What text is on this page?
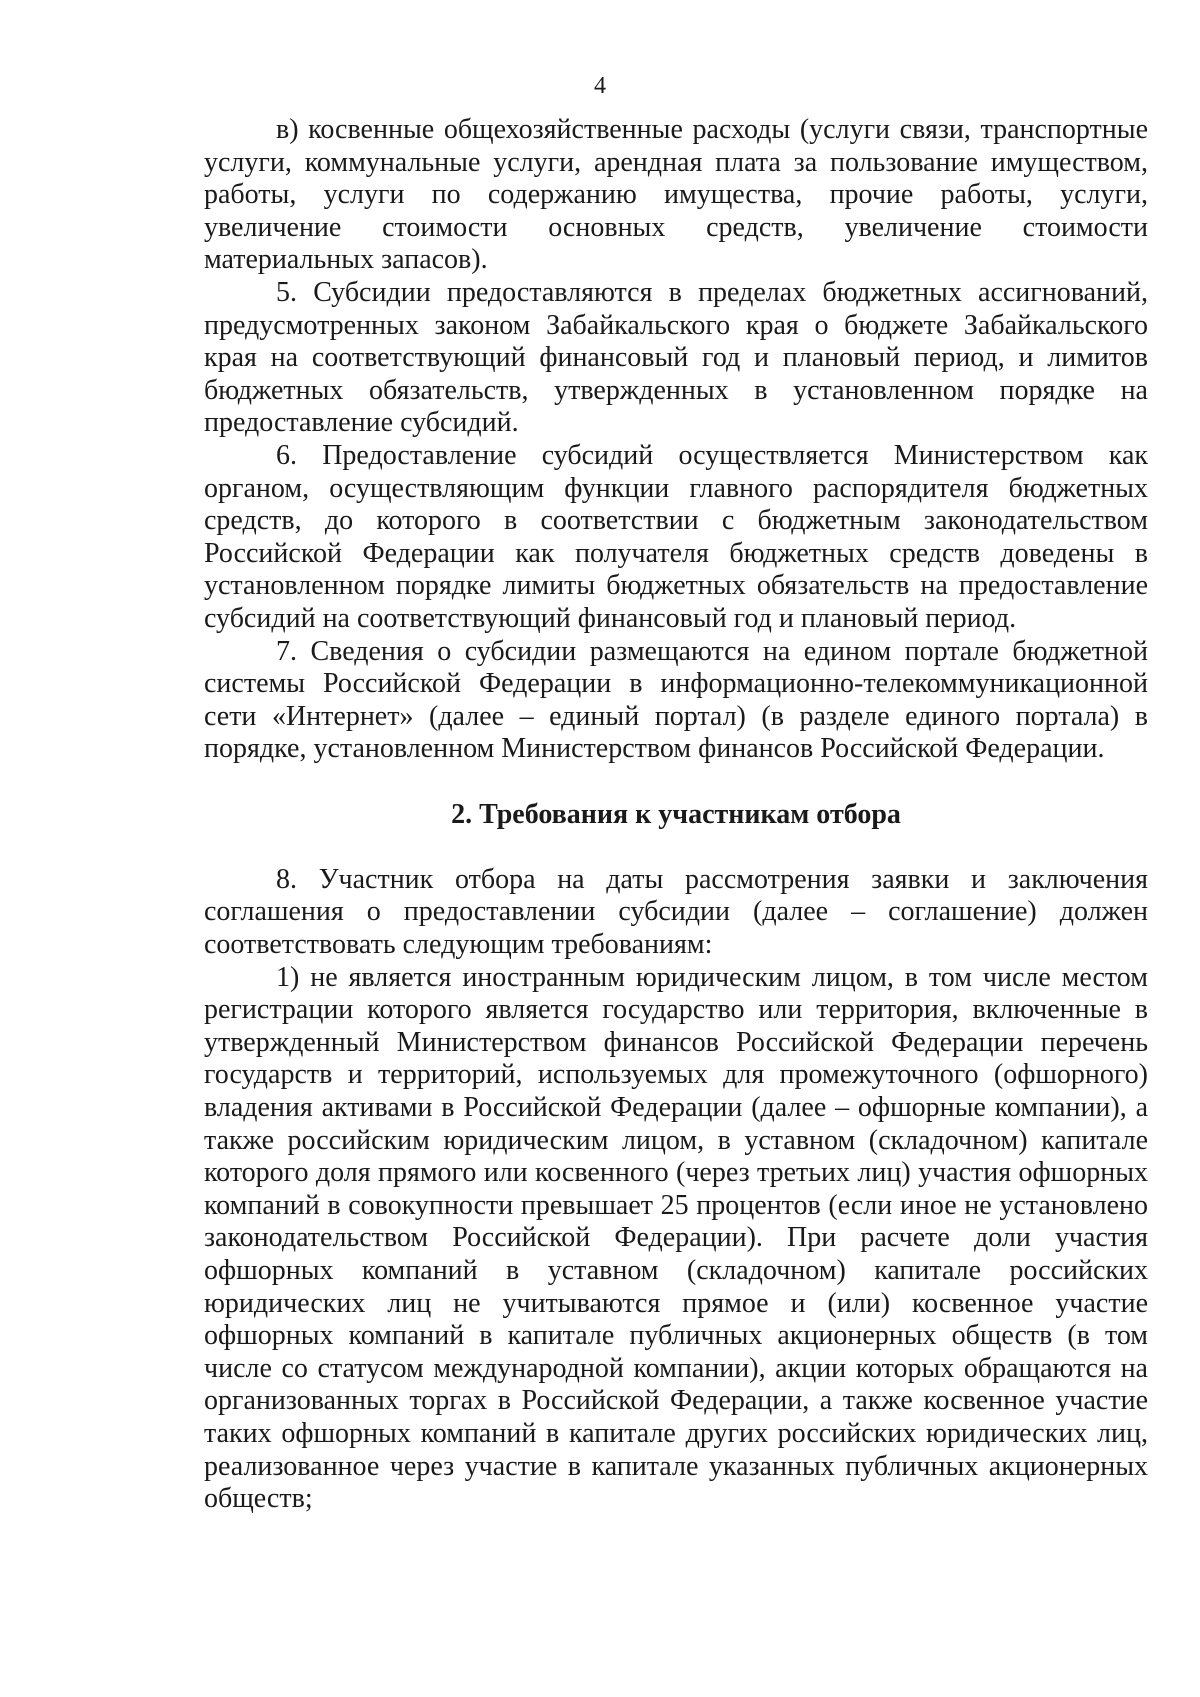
4

в) косвенные общехозяйственные расходы (услуги связи, транспортные услуги, коммунальные услуги, арендная плата за пользование имуществом, работы, услуги по содержанию имущества, прочие работы, услуги, увеличение стоимости основных средств, увеличение стоимости материальных запасов).

5. Субсидии предоставляются в пределах бюджетных ассигнований, предусмотренных законом Забайкальского края о бюджете Забайкальского края на соответствующий финансовый год и плановый период, и лимитов бюджетных обязательств, утвержденных в установленном порядке на предоставление субсидий.

6. Предоставление субсидий осуществляется Министерством как органом, осуществляющим функции главного распорядителя бюджетных средств, до которого в соответствии с бюджетным законодательством Российской Федерации как получателя бюджетных средств доведены в установленном порядке лимиты бюджетных обязательств на предоставление субсидий на соответствующий финансовый год и плановый период.

7. Сведения о субсидии размещаются на едином портале бюджетной системы Российской Федерации в информационно-телекоммуникационной сети «Интернет» (далее – единый портал) (в разделе единого портала) в порядке, установленном Министерством финансов Российской Федерации.

2. Требования к участникам отбора

8. Участник отбора на даты рассмотрения заявки и заключения соглашения о предоставлении субсидии (далее – соглашение) должен соответствовать следующим требованиям:

1) не является иностранным юридическим лицом, в том числе местом регистрации которого является государство или территория, включенные в утвержденный Министерством финансов Российской Федерации перечень государств и территорий, используемых для промежуточного (офшорного) владения активами в Российской Федерации (далее – офшорные компании), а также российским юридическим лицом, в уставном (складочном) капитале которого доля прямого или косвенного (через третьих лиц) участия офшорных компаний в совокупности превышает 25 процентов (если иное не установлено законодательством Российской Федерации). При расчете доли участия офшорных компаний в уставном (складочном) капитале российских юридических лиц не учитываются прямое и (или) косвенное участие офшорных компаний в капитале публичных акционерных обществ (в том числе со статусом международной компании), акции которых обращаются на организованных торгах в Российской Федерации, а также косвенное участие таких офшорных компаний в капитале других российских юридических лиц, реализованное через участие в капитале указанных публичных акционерных обществ;
